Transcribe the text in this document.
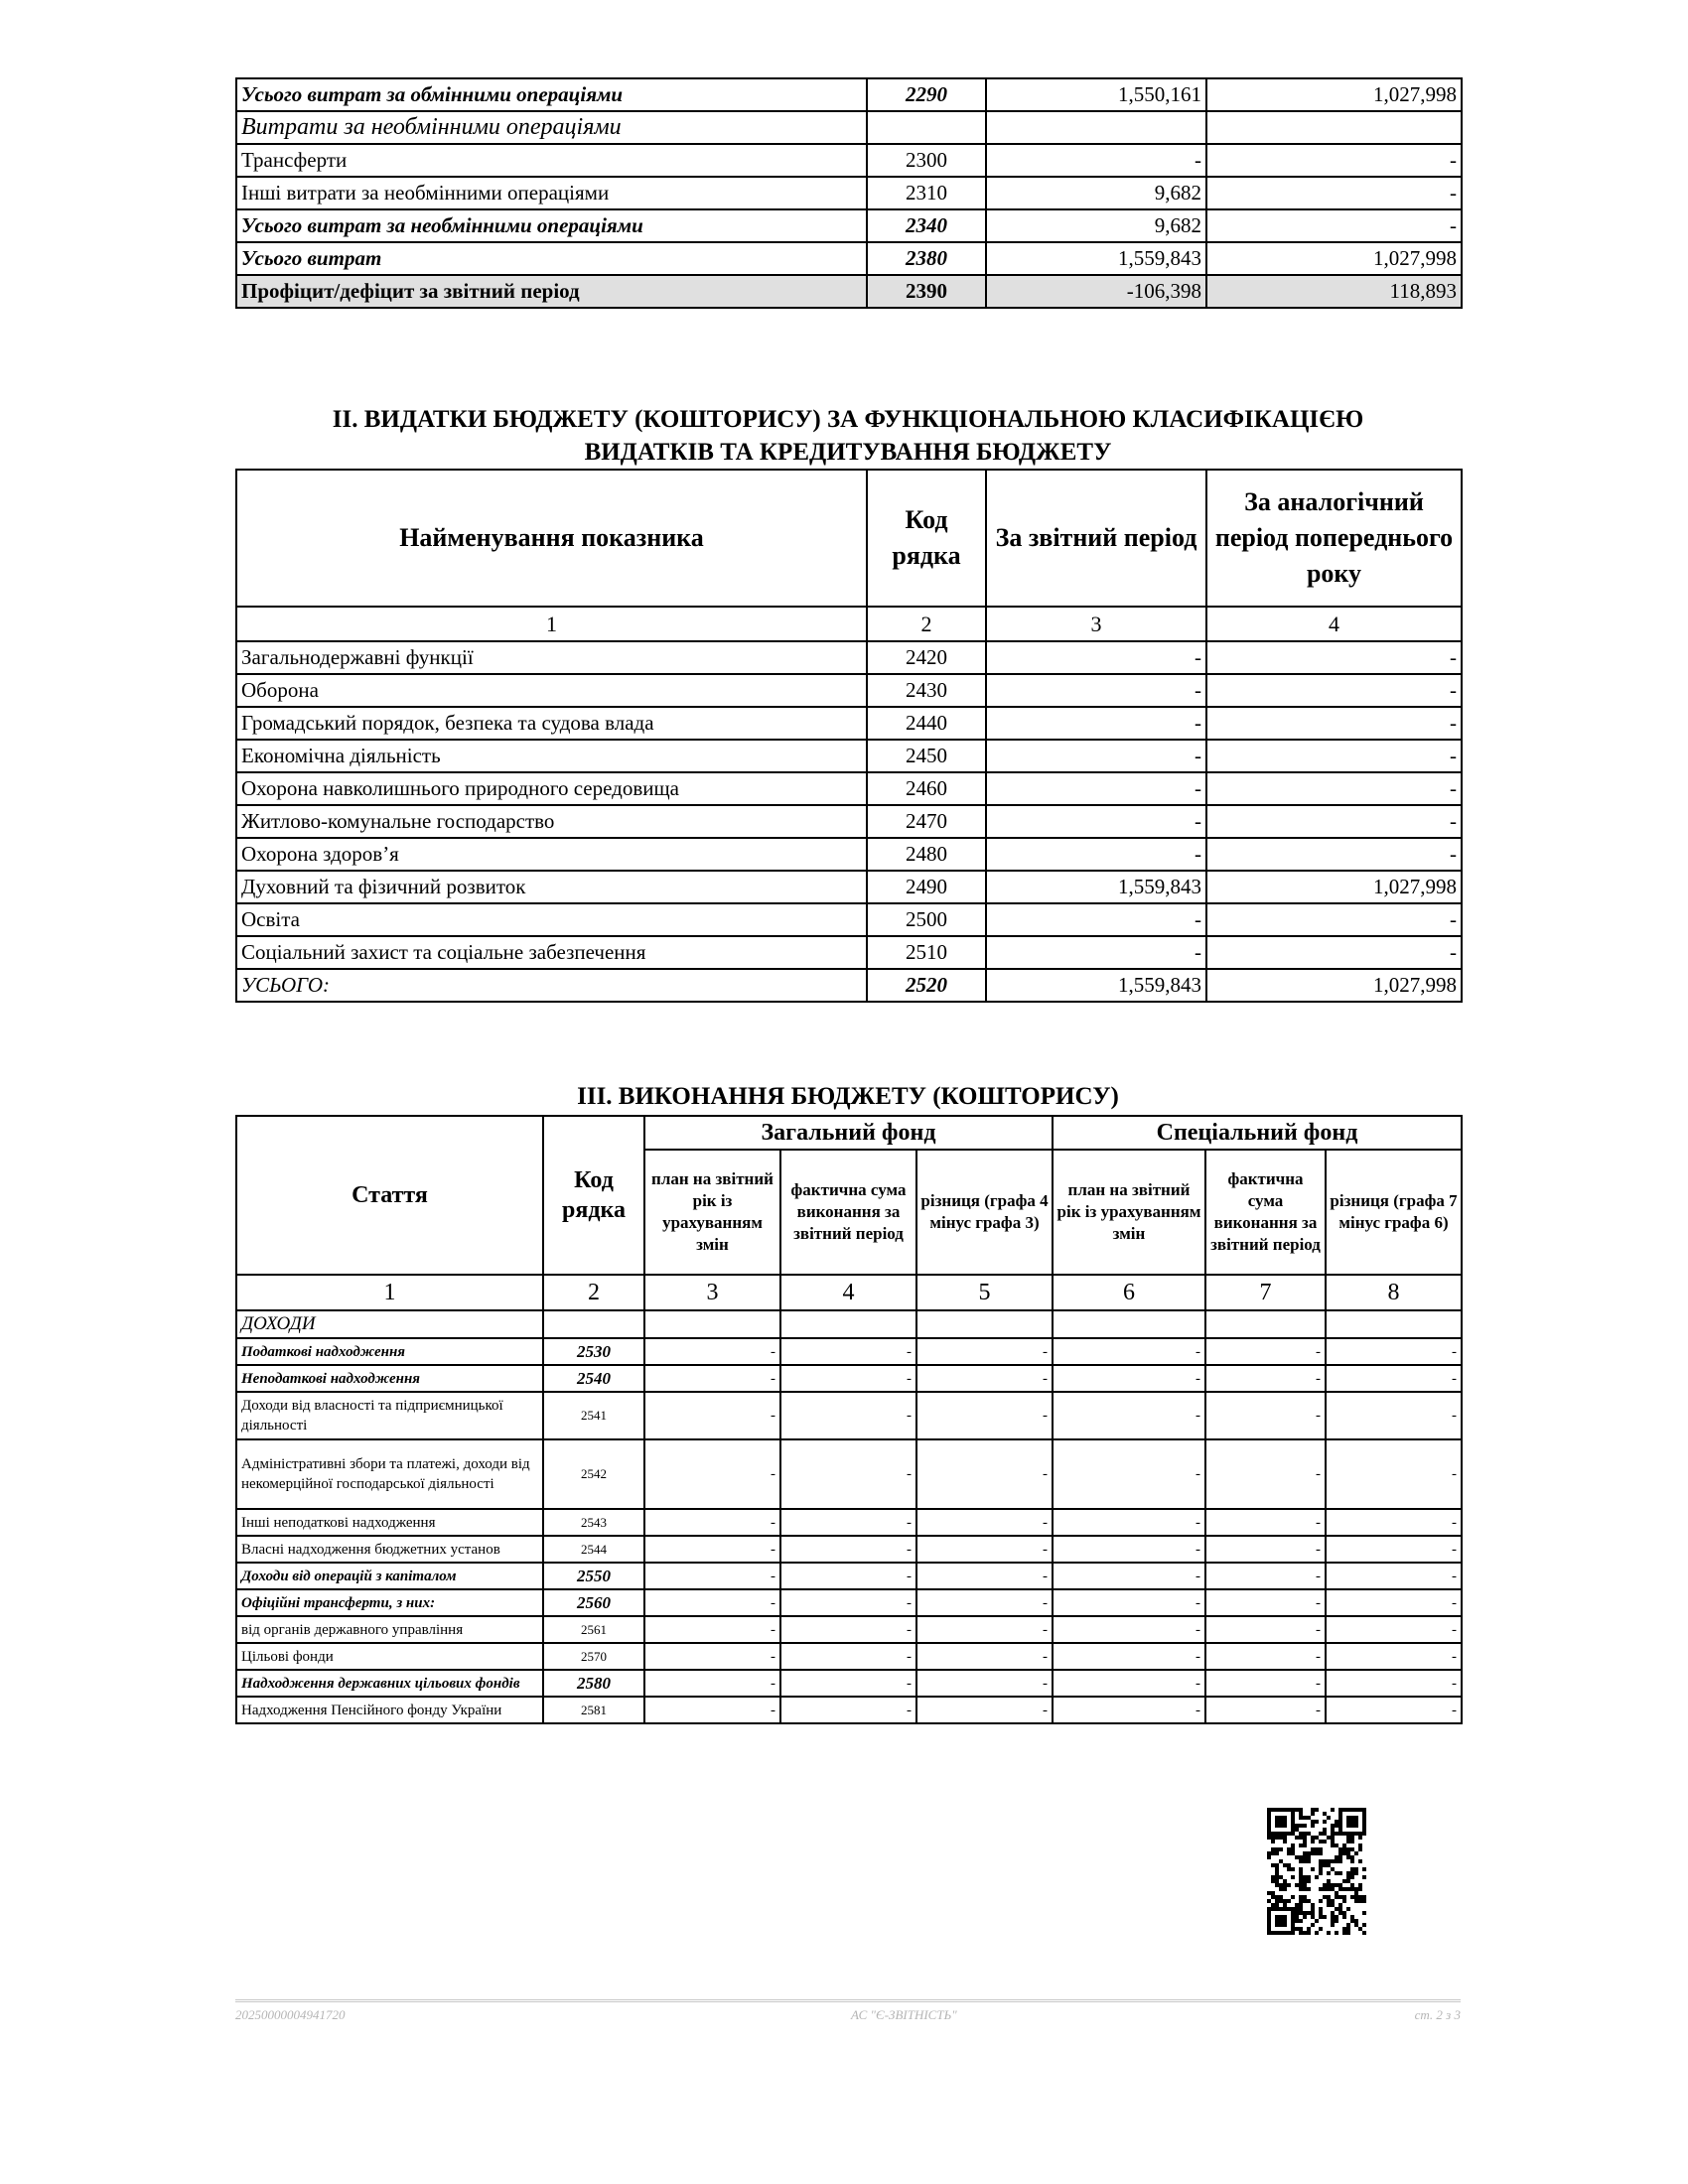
Усього витрат за обмінними операціями	2290	1,550,161	1,027,998
Витрати за необмінними операціями			
Трансферти	2300	-	-
Інші витрати за необмінними операціями	2310	9,682	-
Усього витрат за необмінними операціями	2340	9,682	-
Усього витрат	2380	1,559,843	1,027,998
Профіцит/дефіцит за звітний період	2390	-106,398	118,893
ІІ. ВИДАТКИ БЮДЖЕТУ (КОШТОРИСУ) ЗА ФУНКЦІОНАЛЬНОЮ КЛАСИФІКАЦІЄЮ
ВИДАТКІВ ТА КРЕДИТУВАННЯ БЮДЖЕТУ
Найменування показника	Код рядка	За звітний період	За аналогічний період попереднього року
1	2	3	4
Загальнодержавні функції	2420	-	-
Оборона	2430	-	-
Громадський порядок, безпека та судова влада	2440	-	-
Економічна діяльність	2450	-	-
Охорона навколишнього природного середовища	2460	-	-
Житлово-комунальне господарство	2470	-	-
Охорона здоров’я	2480	-	-
Духовний та фізичний розвиток	2490	1,559,843	1,027,998
Освіта	2500	-	-
Соціальний захист та соціальне забезпечення	2510	-	-
УСЬОГО:	2520	1,559,843	1,027,998
ІІІ. ВИКОНАННЯ БЮДЖЕТУ (КОШТОРИСУ)
Стаття	Код рядка	Загальний фонд			Спеціальний фонд		
		план на звітний рік із урахуванням змін	фактична сума виконання за звітний період	різниця (графа 4 мінус графа 3)	план на звітний рік із урахуванням змін	фактична сума виконання за звітний період	різниця (графа 7 мінус графа 6)
1	2	3	4	5	6	7	8
ДОХОДИ							
Податкові надходження	2530	-	-	-	-	-	-
Неподаткові надходження	2540	-	-	-	-	-	-
Доходи від власності та підприємницької діяльності	2541	-	-	-	-	-	-
Адміністративні збори та платежі, доходи від некомерційної господарської діяльності	2542	-	-	-	-	-	-
Інші неподаткові надходження	2543	-	-	-	-	-	-
Власні надходження бюджетних установ	2544	-	-	-	-	-	-
Доходи від операцій з капіталом	2550	-	-	-	-	-	-
Офіційні трансферти, з них:	2560	-	-	-	-	-	-
від органів державного управління	2561	-	-	-	-	-	-
Цільові фонди	2570	-	-	-	-	-	-
Надходження державних цільових фондів	2580	-	-	-	-	-	-
Надходження Пенсійного фонду України	2581	-	-	-	-	-	-
20250000004941720	АС "Є-ЗВІТНІСТЬ"	ст. 2 з 3
